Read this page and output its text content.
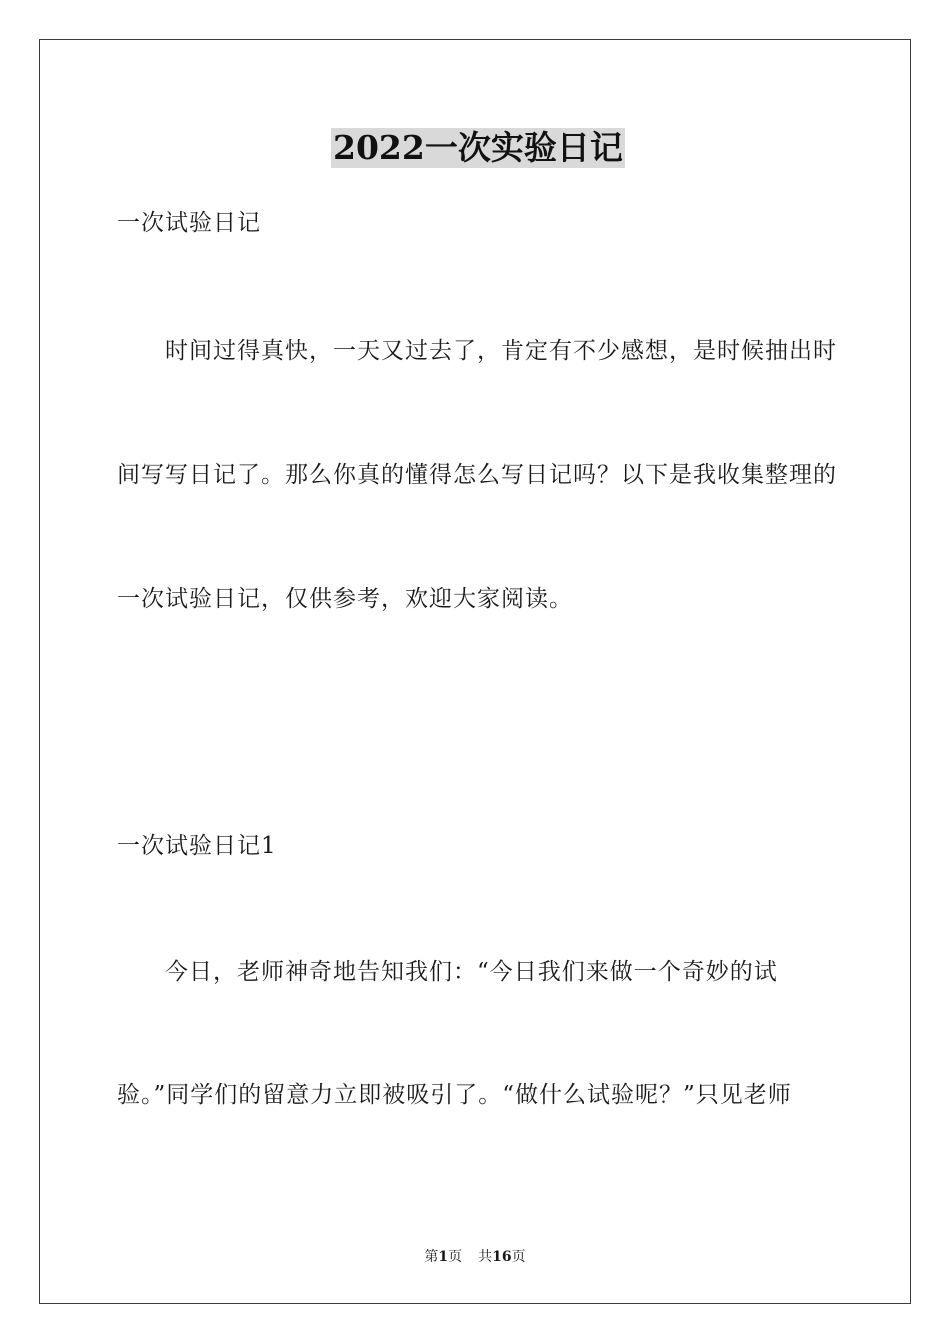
2022一次实验日记
一次试验日记
时间过得真快，一天又过去了，肯定有不少感想，是时候抽出时
间写写日记了。那么你真的懂得怎么写日记吗？以下是我收集整理的
一次试验日记，仅供参考，欢迎大家阅读。
一次试验日记1
今日，老师神奇地告知我们：“今日我们来做一个奇妙的试
验。”同学们的留意力立即被吸引了。“做什么试验呢？”只见老师
第1页 共16页
